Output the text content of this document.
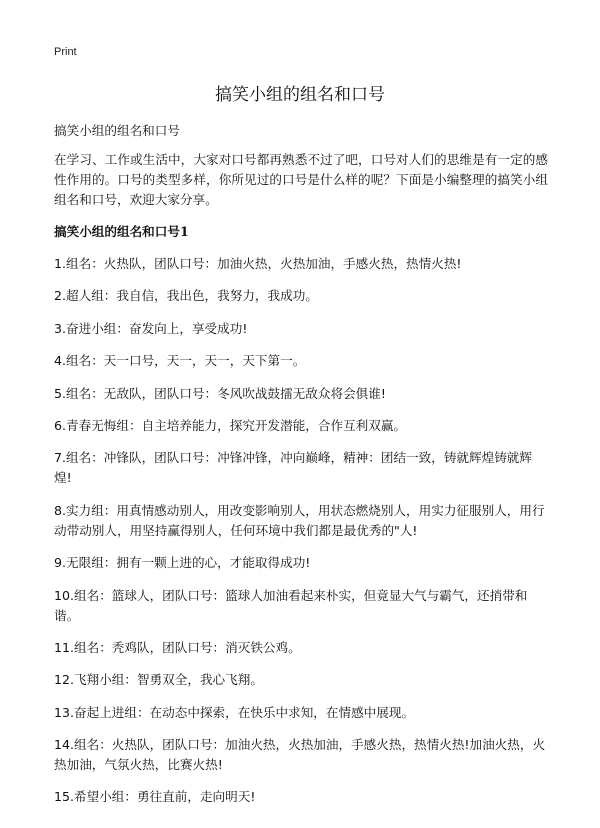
Print
搞笑小组的组名和口号

搞笑小组的组名和口号

在学习、工作或生活中，大家对口号都再熟悉不过了吧，口号对人们的思维是有一定的感性作用的。口号的类型多样，你所见过的口号是什么样的呢？下面是小编整理的搞笑小组组名和口号，欢迎大家分享。

搞笑小组的组名和口号1

1.组名：火热队，团队口号：加油火热，火热加油，手感火热，热情火热!

2.超人组：我自信，我出色，我努力，我成功。

3.奋进小组：奋发向上，享受成功!

4.组名：天一口号，天一，天一，天下第一。

5.组名：无敌队，团队口号：冬风吹战鼓擂无敌众将会俱谁!

6.青春无悔组：自主培养能力，探究开发潜能，合作互利双赢。

7.组名：冲锋队，团队口号：冲锋冲锋，冲向巅峰，精神：团结一致，铸就辉煌铸就辉煌!

8.实力组：用真情感动别人，用改变影响别人，用状态燃烧别人，用实力征服别人，用行动带动别人，用坚持赢得别人，任何环境中我们都是最优秀的"人!

9.无限组：拥有一颗上进的心，才能取得成功!

10.组名：篮球人，团队口号：篮球人加油看起来朴实，但竟显大气与霸气，还捎带和谐。

11.组名：秃鸡队，团队口号：消灭铁公鸡。

12.飞翔小组：智勇双全，我心飞翔。

13.奋起上进组：在动态中探索，在快乐中求知，在情感中展现。

14.组名：火热队，团队口号：加油火热，火热加油，手感火热，热情火热!加油火热，火热加油，气氛火热，比赛火热!

15.希望小组：勇往直前，走向明天!
